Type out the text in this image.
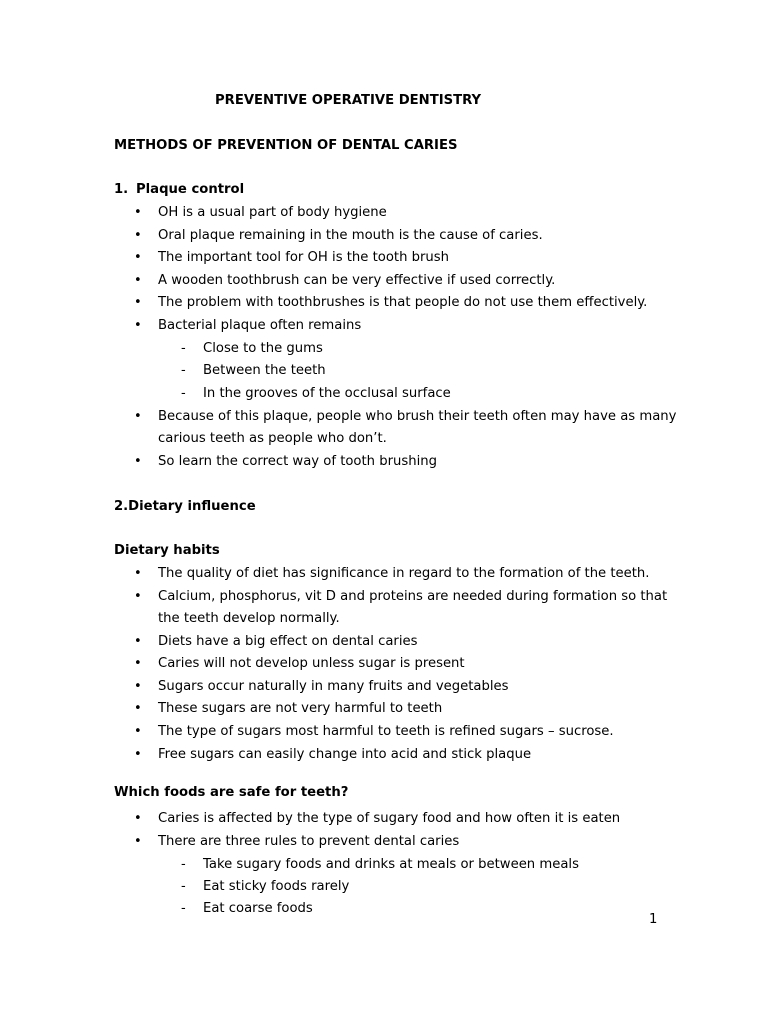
PREVENTIVE OPERATIVE DENTISTRY
METHODS OF PREVENTION OF DENTAL CARIES
1. Plaque control
• OH is a usual part of body hygiene
• Oral plaque remaining in the mouth is the cause of caries.
• The important tool for OH is the tooth brush
• A wooden toothbrush can be very effective if used correctly.
• The problem with toothbrushes is that people do not use them effectively.
• Bacterial plaque often remains
- Close to the gums
- Between the teeth
- In the grooves of the occlusal surface
• Because of this plaque, people who brush their teeth often may have as many
carious teeth as people who don’t.
• So learn the correct way of tooth brushing
2.Dietary influence
Dietary habits
• The quality of diet has significance in regard to the formation of the teeth.
• Calcium, phosphorus, vit D and proteins are needed during formation so that
the teeth develop normally.
• Diets have a big effect on dental caries
• Caries will not develop unless sugar is present
• Sugars occur naturally in many fruits and vegetables
• These sugars are not very harmful to teeth
• The type of sugars most harmful to teeth is refined sugars – sucrose.
• Free sugars can easily change into acid and stick plaque
Which foods are safe for teeth?
• Caries is affected by the type of sugary food and how often it is eaten
• There are three rules to prevent dental caries
- Take sugary foods and drinks at meals or between meals
- Eat sticky foods rarely
- Eat coarse foods
1
